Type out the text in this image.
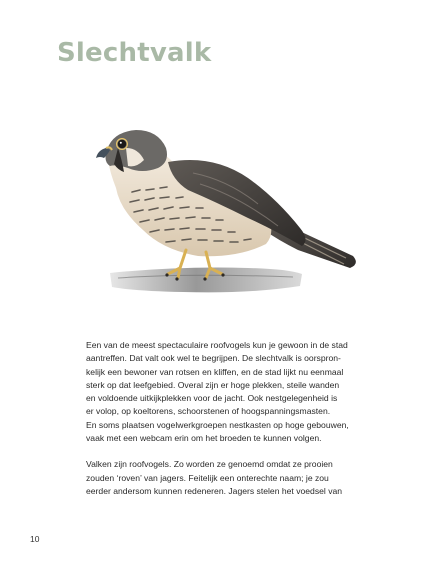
Slechtvalk
Een van de meest spectaculaire roofvogels kun je gewoon in de stad
aantreffen. Dat valt ook wel te begrijpen. De slechtvalk is oorspron-
kelijk een bewoner van rotsen en kliffen, en de stad lijkt nu eenmaal
sterk op dat leefgebied. Overal zijn er hoge plekken, steile wanden
en voldoende uitkijkplekken voor de jacht. Ook nestgelegenheid is
er volop, op koeltorens, schoorstenen of hoogspanningsmasten.
En soms plaatsen vogelwerkgroepen nestkasten op hoge gebouwen,
vaak met een webcam erin om het broeden te kunnen volgen.
Valken zijn roofvogels. Zo worden ze genoemd omdat ze prooien
zouden ‘roven’ van jagers. Feitelijk een onterechte naam; je zou
eerder andersom kunnen redeneren. Jagers stelen het voedsel van
10
